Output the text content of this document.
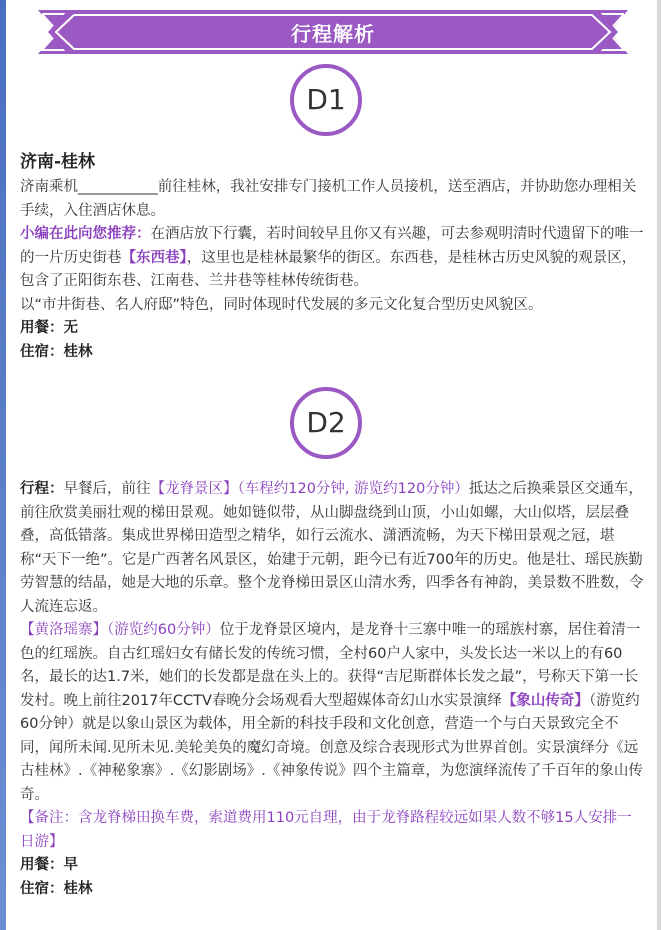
行程解析
D1

济南-桂林

济南乘机___________前往桂林，我社安排专门接机工作人员接机，送至酒店，并协助您办理相关手续，入住酒店休息。

小编在此向您推荐：在酒店放下行囊，若时间较早且你又有兴趣，可去参观明清时代遗留下的唯一的一片历史街巷【东西巷】，这里也是桂林最繁华的街区。东西巷，是桂林古历史风貌的观景区，包含了正阳街东巷、江南巷、兰井巷等桂林传统街巷。

以“市井街巷、名人府邸”特色，同时体现时代发展的多元文化复合型历史风貌区。

用餐：无

住宿：桂林

D2

行程：早餐后，前往【龙脊景区】（车程约120分钟, 游览约120分钟）抵达之后换乘景区交通车，前往欣赏美丽壮观的梯田景观。她如链似带，从山脚盘绕到山顶，小山如螺，大山似塔，层层叠叠，高低错落。集成世界梯田造型之精华，如行云流水、潇洒流畅，为天下梯田景观之冠，堪称“天下一绝”。它是广西著名风景区，始建于元朝，距今已有近700年的历史。他是壮、瑶民族勤劳智慧的结晶，她是大地的乐章。整个龙脊梯田景区山清水秀，四季各有神韵，美景数不胜数，令人流连忘返。

【黄洛瑶寨】（游览约60分钟）位于龙脊景区境内，是龙脊十三寨中唯一的瑶族村寨，居住着清一色的红瑶族。自古红瑶妇女有储长发的传统习惯，全村60户人家中，头发长达一米以上的有60名，最长的达1.7米，她们的长发都是盘在头上的。获得“吉尼斯群体长发之最”，号称天下第一长发村。晚上前往2017年CCTV春晚分会场观看大型超媒体奇幻山水实景演绎【象山传奇】（游览约60分钟）就是以象山景区为载体，用全新的科技手段和文化创意，营造一个与白天景致完全不同，闻所未闻.见所未见.美轮美奂的魔幻奇境。创意及综合表现形式为世界首创。实景演绎分《远古桂林》.《神秘象寨》.《幻影剧场》.《神象传说》四个主篇章，为您演绎流传了千百年的象山传奇。

【备注：含龙脊梯田换车费，索道费用110元自理，由于龙脊路程较远如果人数不够15人安排一日游】

用餐：早

住宿：桂林
